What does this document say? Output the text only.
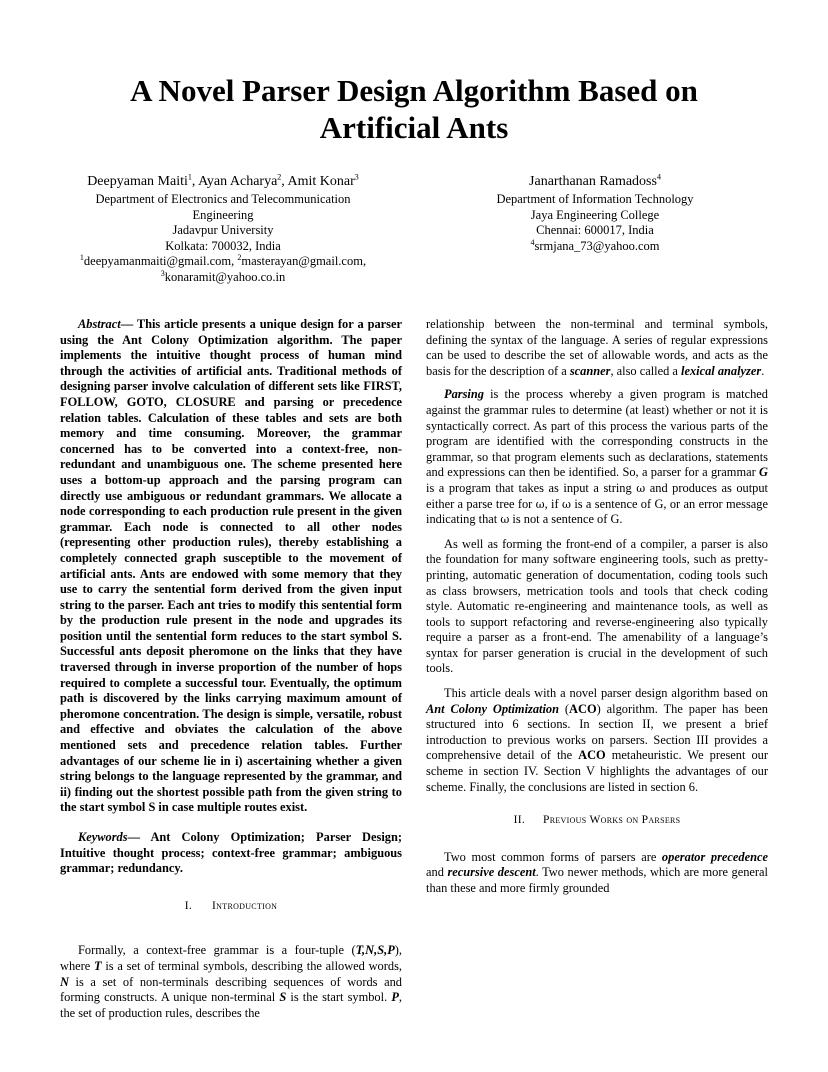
A Novel Parser Design Algorithm Based on
Artificial Ants
Deepyaman Maiti$^1$, Ayan Acharya$^2$, Amit Konar$^3$
Department of Electronics and Telecommunication
Engineering
Jadavpur University
Kolkata: 700032, India
$^1$deepyamanmaiti@gmail.com, $^2$masterayan@gmail.com,
$^3$konaramit@yahoo.co.in
Janarthanan Ramadoss$^4$
Department of Information Technology
Jaya Engineering College
Chennai: 600017, India
$^4$srmjana_73@yahoo.com

Abstract— This article presents a unique design for a parser using the Ant Colony Optimization algorithm. The paper implements the intuitive thought process of human mind through the activities of artificial ants. Traditional methods of designing parser involve calculation of different sets like FIRST, FOLLOW, GOTO, CLOSURE and parsing or precedence relation tables. Calculation of these tables and sets are both memory and time consuming. Moreover, the grammar concerned has to be converted into a context-free, non-redundant and unambiguous one. The scheme presented here uses a bottom-up approach and the parsing program can directly use ambiguous or redundant grammars. We allocate a node corresponding to each production rule present in the given grammar. Each node is connected to all other nodes (representing other production rules), thereby establishing a completely connected graph susceptible to the movement of artificial ants. Ants are endowed with some memory that they use to carry the sentential form derived from the given input string to the parser. Each ant tries to modify this sentential form by the production rule present in the node and upgrades its position until the sentential form reduces to the start symbol S. Successful ants deposit pheromone on the links that they have traversed through in inverse proportion of the number of hops required to complete a successful tour. Eventually, the optimum path is discovered by the links carrying maximum amount of pheromone concentration. The design is simple, versatile, robust and effective and obviates the calculation of the above mentioned sets and precedence relation tables. Further advantages of our scheme lie in i) ascertaining whether a given string belongs to the language represented by the grammar, and ii) finding out the shortest possible path from the given string to the start symbol S in case multiple routes exist.

Keywords— Ant Colony Optimization; Parser Design; Intuitive thought process; context-free grammar; ambiguous grammar; redundancy.

I. Introduction

Formally, a context-free grammar is a four-tuple (T,N,S,P), where T is a set of terminal symbols, describing the allowed words, N is a set of non-terminals describing sequences of words and forming constructs. A unique non-terminal S is the start symbol. P, the set of production rules, describes the

relationship between the non-terminal and terminal symbols, defining the syntax of the language. A series of regular expressions can be used to describe the set of allowable words, and acts as the basis for the description of a scanner, also called a lexical analyzer.

Parsing is the process whereby a given program is matched against the grammar rules to determine (at least) whether or not it is syntactically correct. As part of this process the various parts of the program are identified with the corresponding constructs in the grammar, so that program elements such as declarations, statements and expressions can then be identified. So, a parser for a grammar G is a program that takes as input a string ω and produces as output either a parse tree for ω, if ω is a sentence of G, or an error message indicating that ω is not a sentence of G.

As well as forming the front-end of a compiler, a parser is also the foundation for many software engineering tools, such as pretty-printing, automatic generation of documentation, coding tools such as class browsers, metrication tools and tools that check coding style. Automatic re-engineering and maintenance tools, as well as tools to support refactoring and reverse-engineering also typically require a parser as a front-end. The amenability of a language’s syntax for parser generation is crucial in the development of such tools.

This article deals with a novel parser design algorithm based on Ant Colony Optimization (ACO) algorithm. The paper has been structured into 6 sections. In section II, we present a brief introduction to previous works on parsers. Section III provides a comprehensive detail of the ACO metaheuristic. We present our scheme in section IV. Section V highlights the advantages of our scheme. Finally, the conclusions are listed in section 6.

II. Previous Works on Parsers

Two most common forms of parsers are operator precedence and recursive descent. Two newer methods, which are more general than these and more firmly grounded
